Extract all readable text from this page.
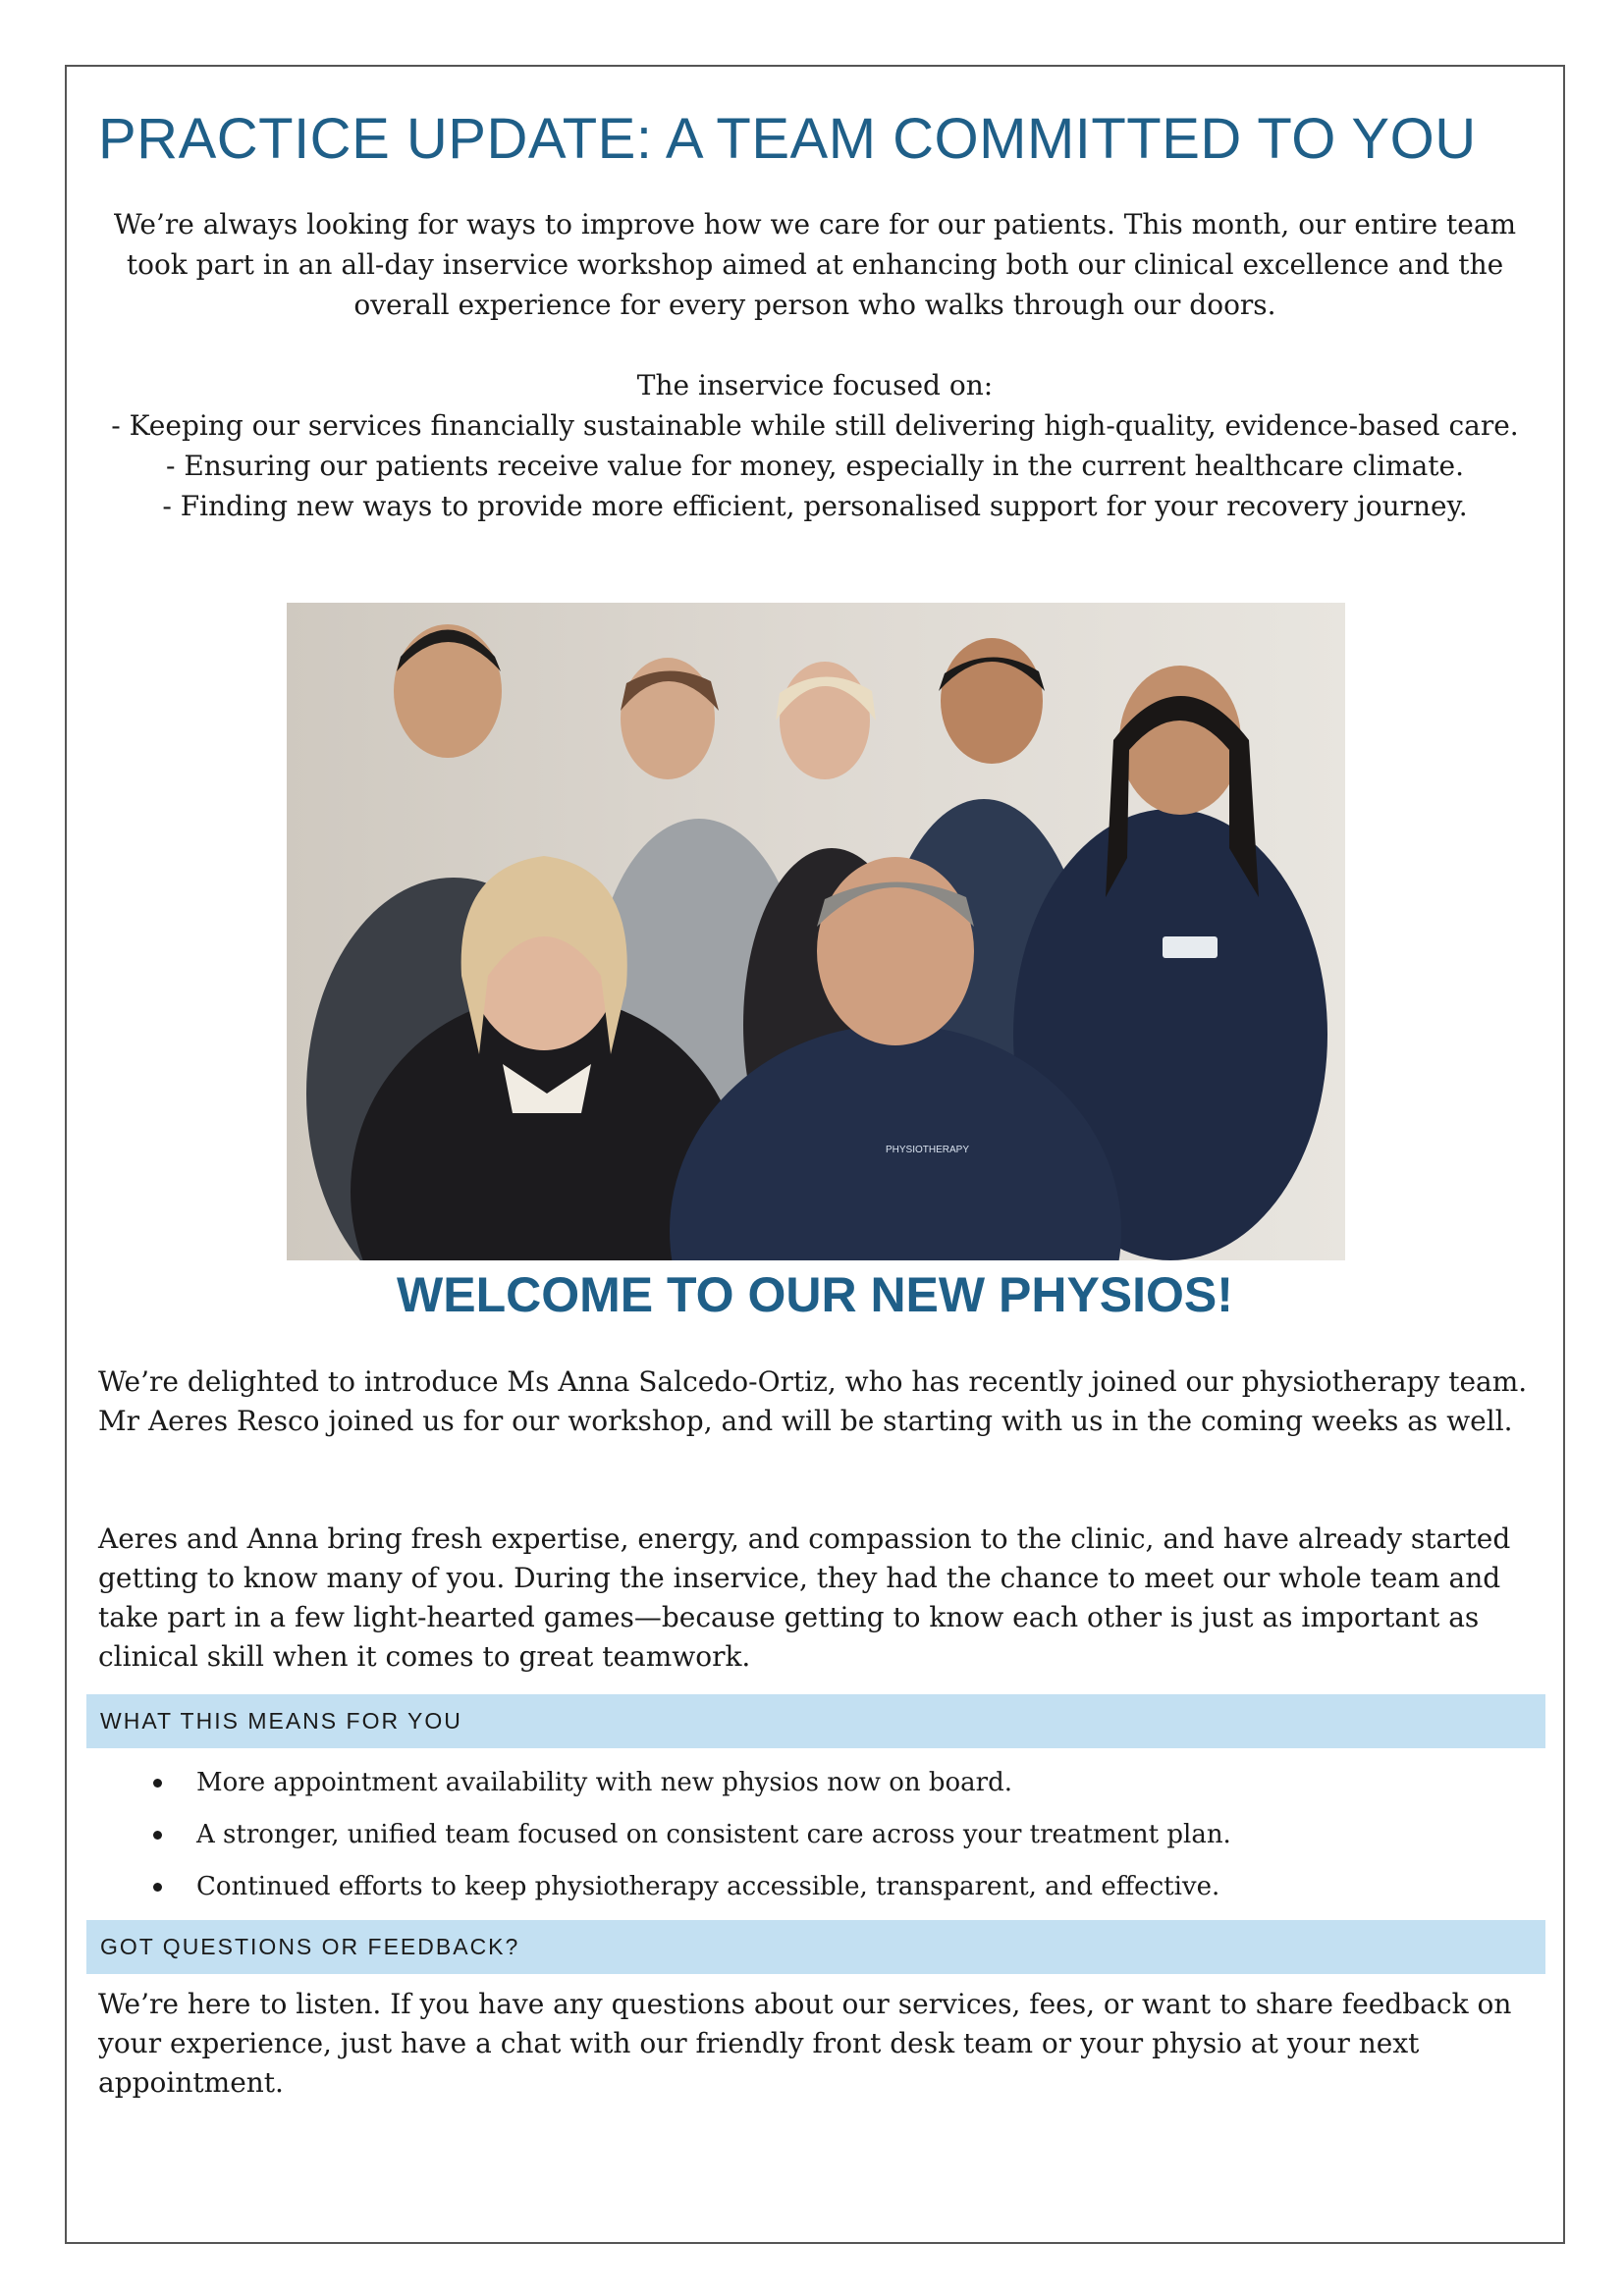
PRACTICE UPDATE: A TEAM COMMITTED TO YOU

We’re always looking for ways to improve how we care for our patients. This month, our entire team took part in an all-day inservice workshop aimed at enhancing both our clinical excellence and the overall experience for every person who walks through our doors.

The inservice focused on:

- Keeping our services financially sustainable while still delivering high-quality, evidence-based care.

- Ensuring our patients receive value for money, especially in the current healthcare climate.

- Finding new ways to provide more efficient, personalised support for your recovery journey.

PHYSIOTHERAPY
WELCOME TO OUR NEW PHYSIOS!

We’re delighted to introduce Ms Anna Salcedo-Ortiz, who has recently joined our physiotherapy team. Mr Aeres Resco joined us for our workshop, and will be starting with us in the coming weeks as well.

Aeres and Anna bring fresh expertise, energy, and compassion to the clinic, and have already started getting to know many of you. During the inservice, they had the chance to meet our whole team and take part in a few light-hearted games—because getting to know each other is just as important as clinical skill when it comes to great teamwork.

WHAT THIS MEANS FOR YOU
More appointment availability with new physios now on board.
A stronger, unified team focused on consistent care across your treatment plan.
Continued efforts to keep physiotherapy accessible, transparent, and effective.
GOT QUESTIONS OR FEEDBACK?

We’re here to listen. If you have any questions about our services, fees, or want to share feedback on your experience, just have a chat with our friendly front desk team or your physio at your next appointment.
